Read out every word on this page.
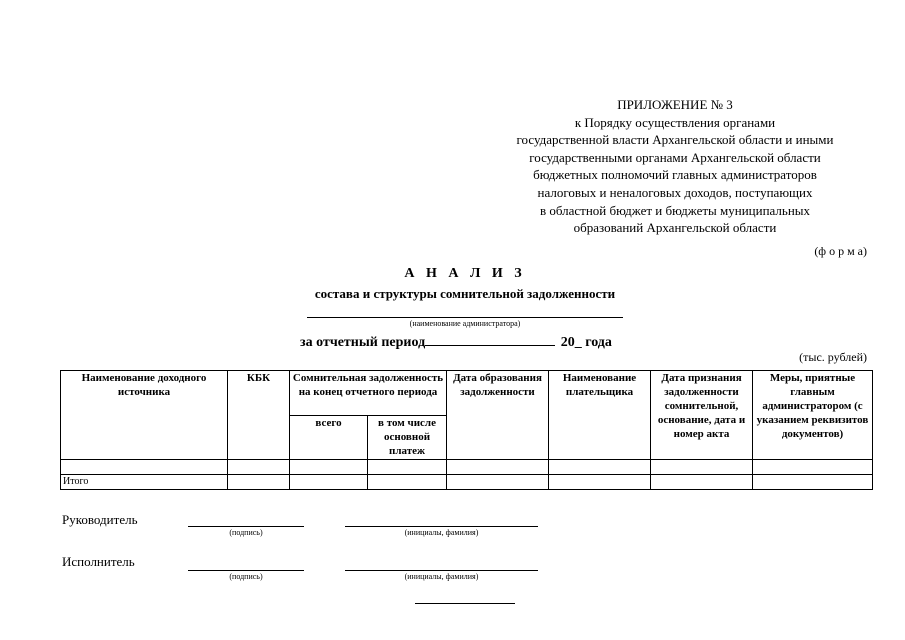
ПРИЛОЖЕНИЕ № 3
к Порядку осуществления органами
государственной власти Архангельской области и иными
государственными органами Архангельской области
бюджетных полномочий главных администраторов
налоговых и неналоговых доходов, поступающих
в областной бюджет и бюджеты муниципальных
образований Архангельской области
(ф о р м а)
А Н А Л И З
состава и структуры сомнительной задолженности
(наименование администратора)
за отчетный период	20_ года
(тыс. рублей)
Наименование доходного источника	КБК	Сомнительная задолженность на конец отчетного периода		Дата образования задолженности	Наименование плательщика	Дата признания задолженности сомнительной, основание, дата и номер акта	Меры, приятные главным администратором (с указанием реквизитов документов)
		всего	в том числе основной платеж				

Итого							
Руководитель
(подпись)	(инициалы, фамилия)
Исполнитель
(подпись)	(инициалы, фамилия)
